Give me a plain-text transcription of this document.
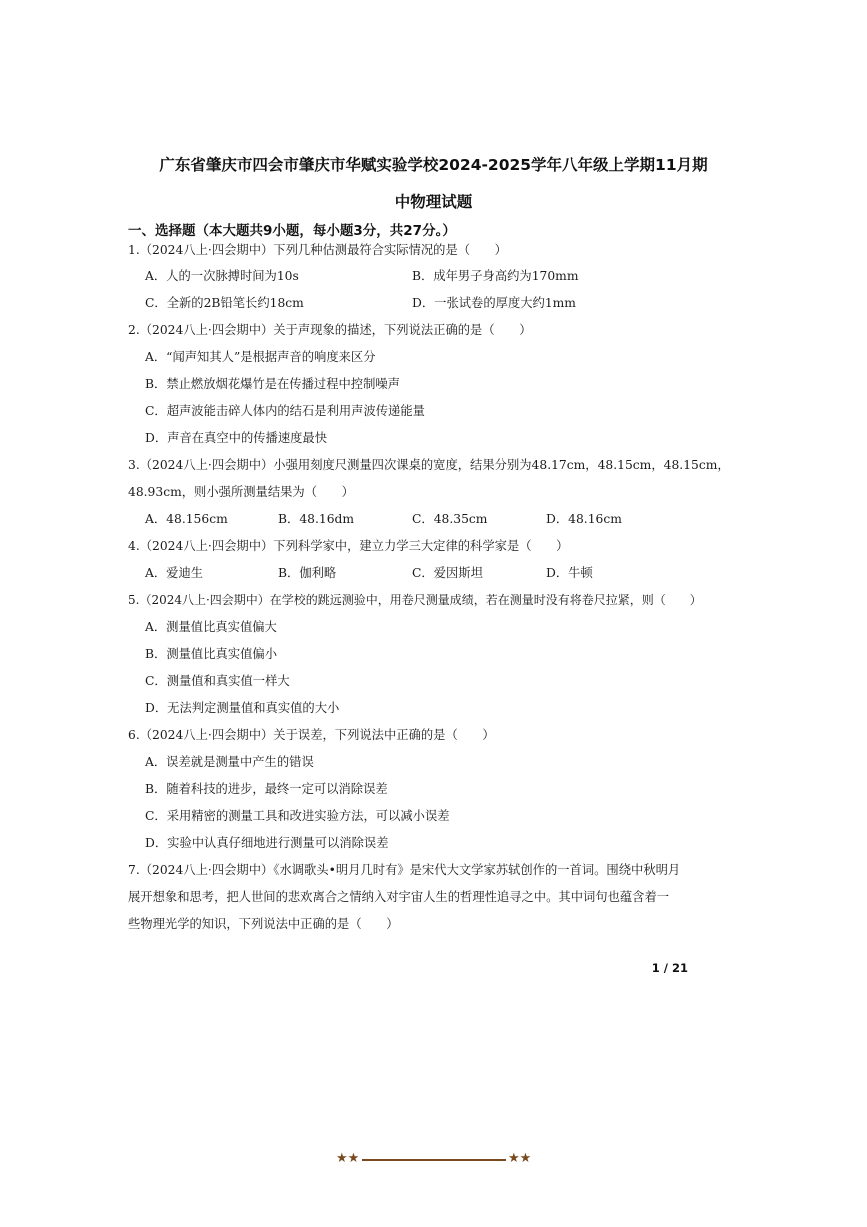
广东省肇庆市四会市肇庆市华赋实验学校2024-2025学年八年级上学期11月期
中物理试题
一、选择题（本大题共9小题，每小题3分，共27分。）
1.（2024八上·四会期中）下列几种估测最符合实际情况的是（　　）
A．人的一次脉搏时间为10s	B．成年男子身高约为170mm
C．全新的2B铅笔长约18cm	D．一张试卷的厚度大约1mm
2.（2024八上·四会期中）关于声现象的描述，下列说法正确的是（　　）
A．“闻声知其人”是根据声音的响度来区分
B．禁止燃放烟花爆竹是在传播过程中控制噪声
C．超声波能击碎人体内的结石是利用声波传递能量
D．声音在真空中的传播速度最快
3.（2024八上·四会期中）小强用刻度尺测量四次课桌的宽度，结果分别为48.17cm，48.15cm，48.15cm，
48.93cm，则小强所测量结果为（　　）
A．48.156cm	B．48.16dm	C．48.35cm	D．48.16cm
4.（2024八上·四会期中）下列科学家中，建立力学三大定律的科学家是（　　）
A．爱迪生	B．伽利略	C．爱因斯坦	D．牛顿
5.（2024八上·四会期中）在学校的跳远测验中，用卷尺测量成绩，若在测量时没有将卷尺拉紧，则（　　）
A．测量值比真实值偏大
B．测量值比真实值偏小
C．测量值和真实值一样大
D．无法判定测量值和真实值的大小
6.（2024八上·四会期中）关于误差，下列说法中正确的是（　　）
A．误差就是测量中产生的错误
B．随着科技的进步，最终一定可以消除误差
C．采用精密的测量工具和改进实验方法，可以减小误差
D．实验中认真仔细地进行测量可以消除误差
7.（2024八上·四会期中）《水调歌头•明月几时有》是宋代大文学家苏轼创作的一首词。围绕中秋明月
展开想象和思考，把人世间的悲欢离合之情纳入对宇宙人生的哲理性追寻之中。其中词句也蕴含着一
些物理光学的知识，下列说法中正确的是（　　）
1 / 21
★★	★★
